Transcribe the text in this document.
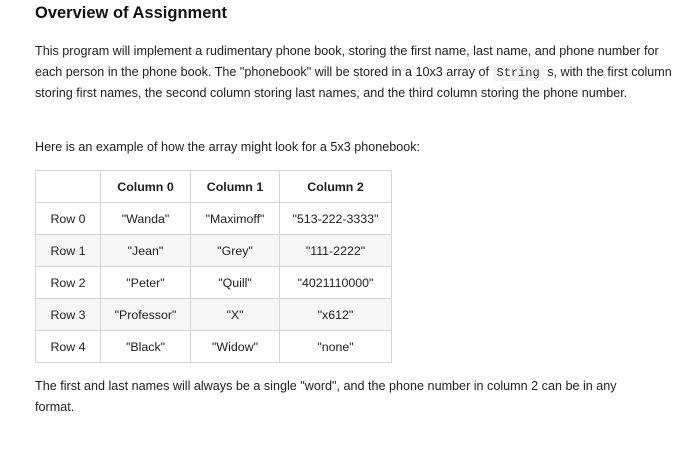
Overview of Assignment

This program will implement a rudimentary phone book, storing the first name, last name, and phone number for each person in the phone book. The "phonebook" will be stored in a 10x3 array of String s, with the first column storing first names, the second column storing last names, and the third column storing the phone number.

Here is an example of how the array might look for a 5x3 phonebook:

	Column 0	Column 1	Column 2
Row 0	"Wanda"	"Maximoff"	"513-222-3333"
Row 1	"Jean"	"Grey"	"111-2222"
Row 2	"Peter"	"Quill"	"4021110000"
Row 3	"Professor"	"X"	"x612"
Row 4	"Black"	"Widow"	"none"

The first and last names will always be a single "word", and the phone number in column 2 can be in any format.
